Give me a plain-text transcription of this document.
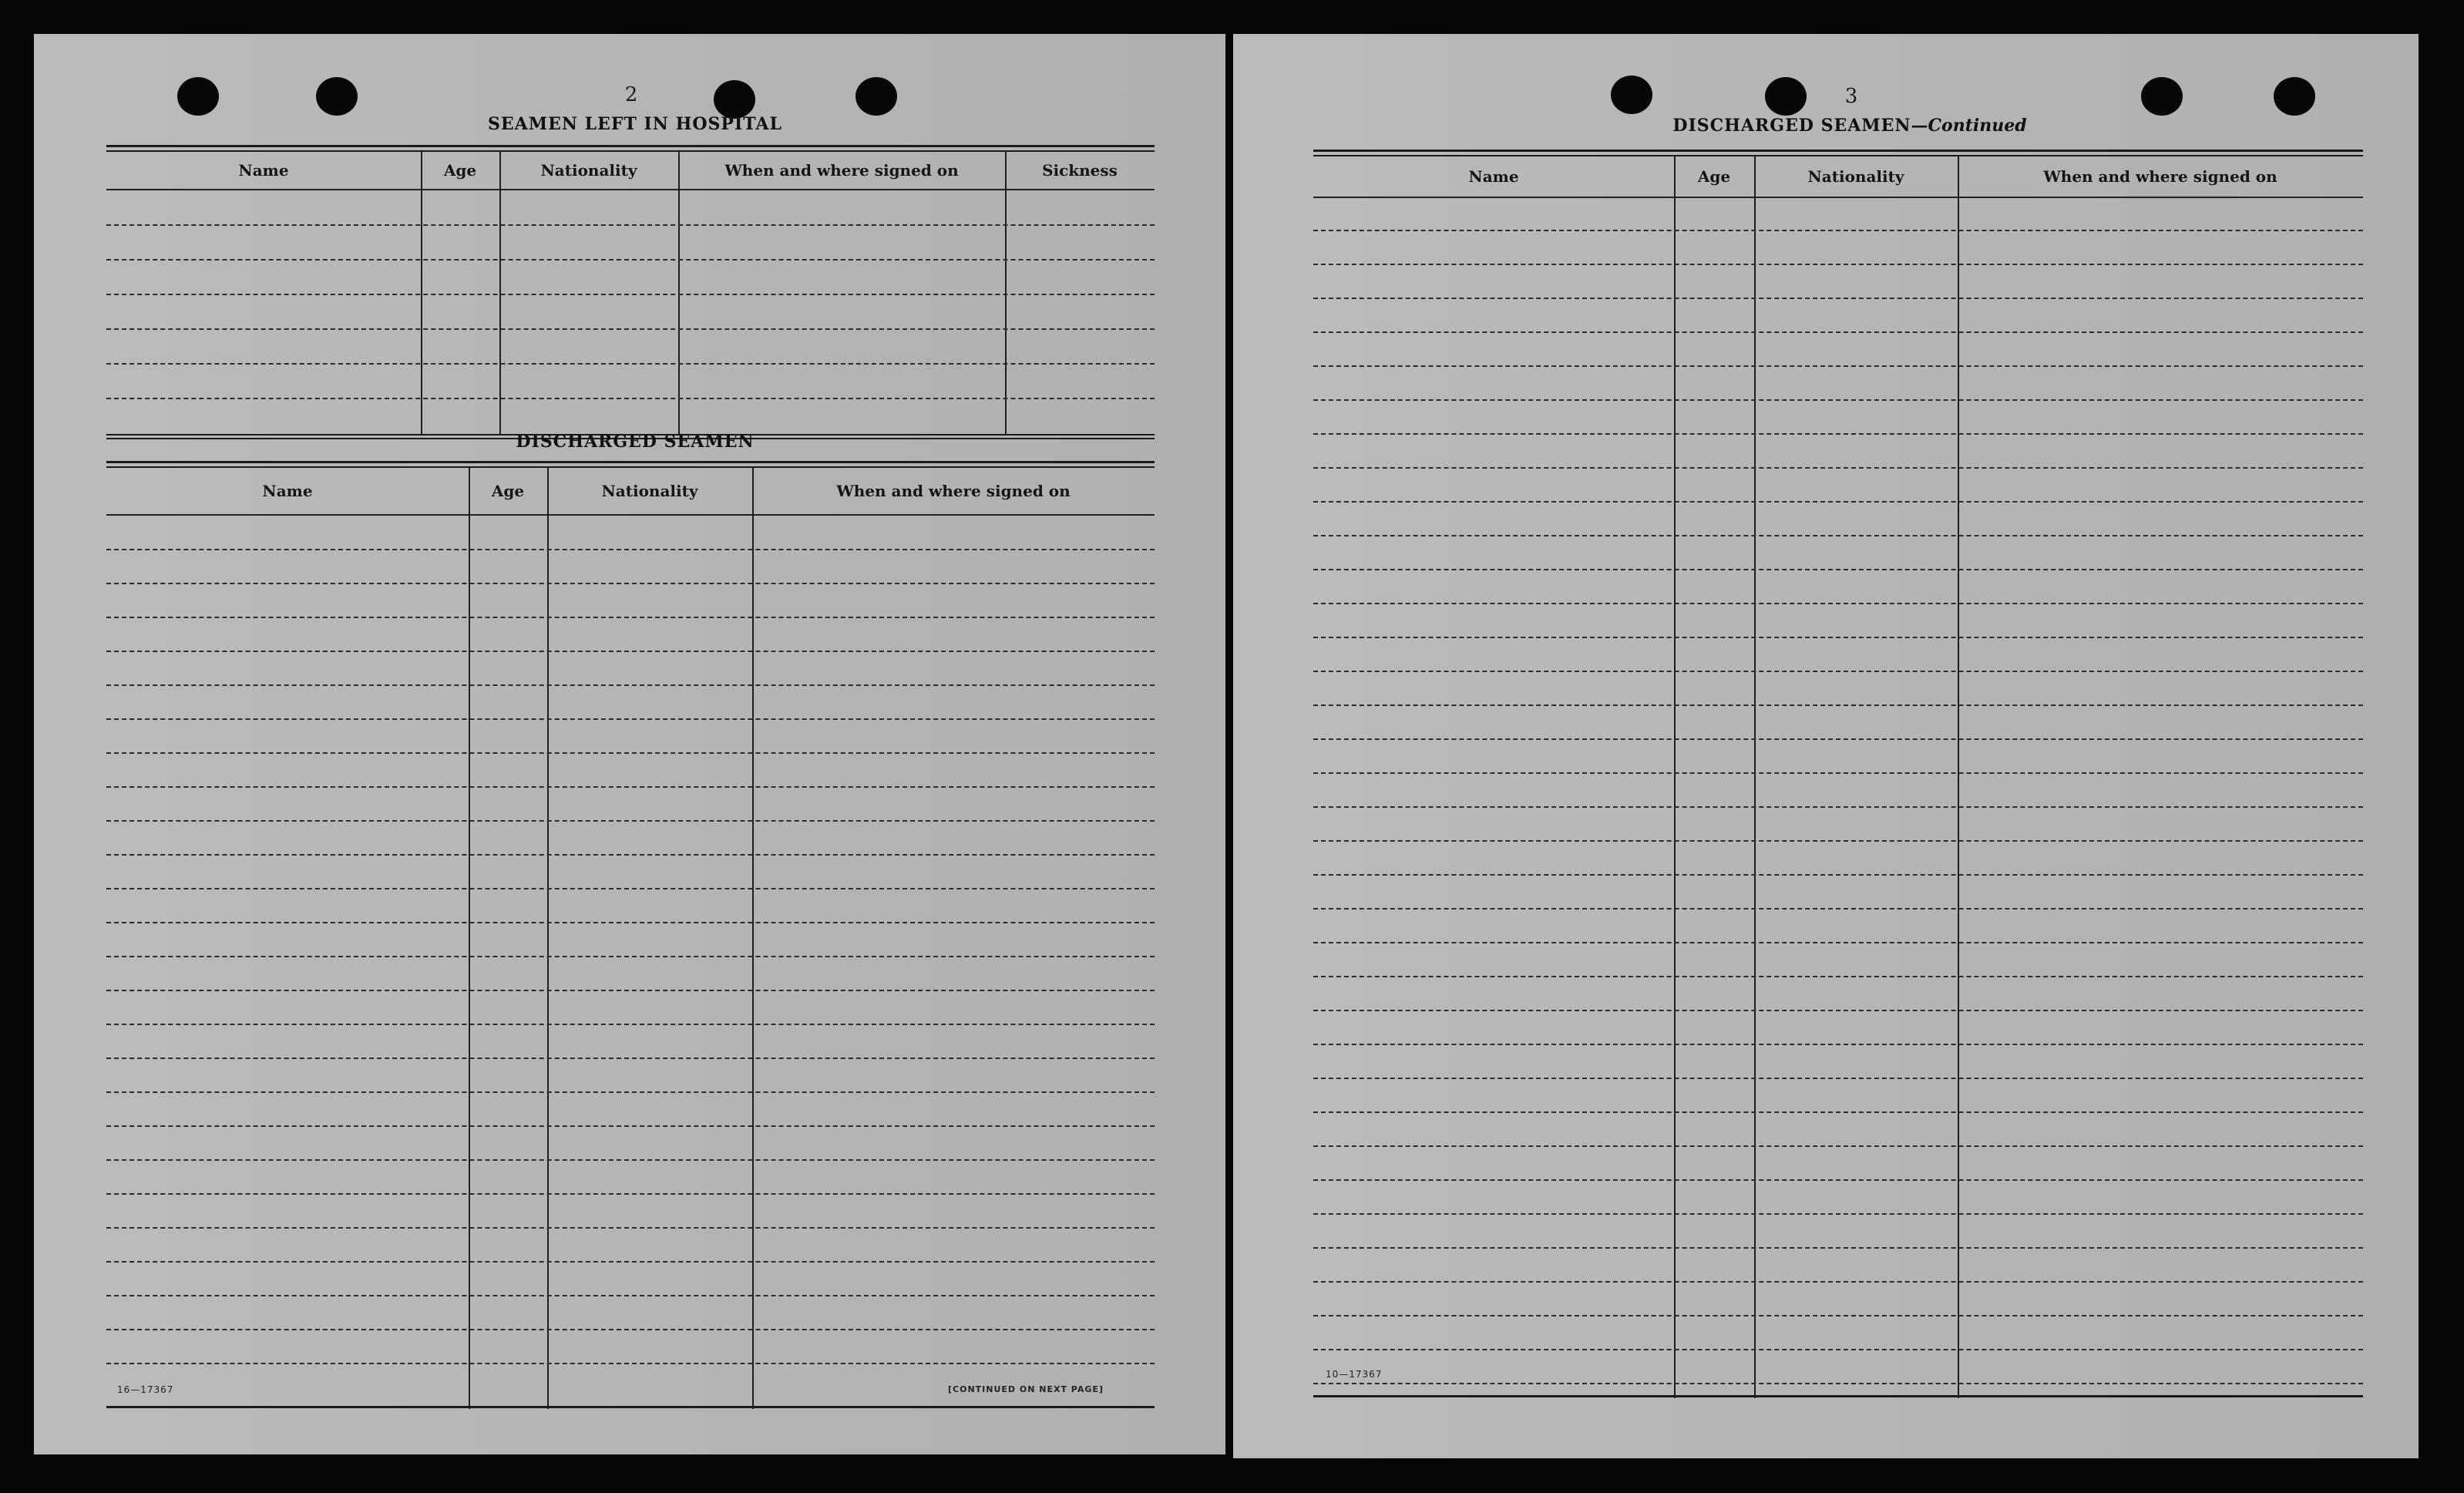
2
SEAMEN LEFT IN HOSPITAL
Name	Age	Nationality	When and where signed on	Sickness
DISCHARGED SEAMEN
Name	Age	Nationality	When and where signed on
16—17367	[CONTINUED ON NEXT PAGE]
3
DISCHARGED SEAMEN—Continued
Name	Age	Nationality	When and where signed on
10—17367
